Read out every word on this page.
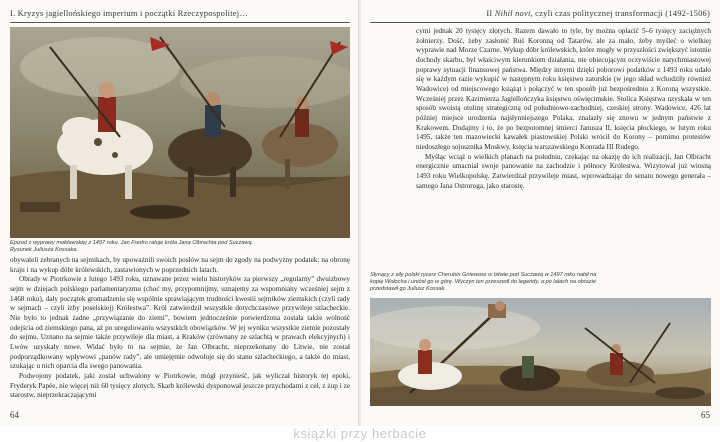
I. Kryzys jagiellońskiego imperium i początki Rzeczypospolitej…
Epizod z wyprawy mołdawskiej z 1497 roku. Jan Fredro ratuje króla Jana Olbrachta pod Suczawą. Rysunek Juliusza Kossaka.

obywateli zebranych na sejmikach, by upoważnili swoich posłów na sejm do zgody na podwyżny podatek: na obronę kraju i na wykup dóbr królewskich, zastawionych w poprzednich latach.

Obrady w Piotrkowie z lutego 1493 roku, uznawane przez wielu historyków za pierwszy „regularny” dwuizbowy sejm w dziejach polskiego parlamentaryzmu (choć my, przypomnijmy, uznajemy za wspomniany wcześniej sejm z 1468 roku), dały początek gromadzeniu się wspólnie sprawiającym trudności kwestii sejmików ziemskich (czyli rady w sejmach – czyli izby poselskiej) Królestwa”. Król zatwierdził wszystkie dotychczasowe przywileje szlacheckie. Nie było to jednak żadne „przywiązanie do ziemi”, bowiem jednocześnie potwierdzona została także wolność odejścia od ziemskiego pana, aż po uregulowaniu wszystkich obowiązków. W jej wyniku wszystkie ziemie pozostały do sejmu. Uznano na sejmie także przywileje dla miast, a Kraków (zrównany ze szlachtą w prawach elekcyjnych) i Lwów uzyskały nowe. Widać było to na sejmie, że Jan Olbracht, nieprzekonany do Litwie, nie został podporządkowany wpływowi „panów rady”, ale umiejętnie odwołuje się do stanu szlacheckiego, a także do miast, szukając u nich oparcia dla swego panowania.

Podwojony podatek, jaki został uchwalony w Piotrkowie, mógł przynieść, jak wyliczał historyk tej epoki, Fryderyk Papée, nie więcej niż 60 tysięcy złotych. Skarb królewski dysponował jeszcze przychodami z ceł, z żup i ze starostw, nieprzekraczającymi

64
II Nihil novi, czyli czas politycznej transformacji (1492-1506)

cymi jednak 20 tysięcy złotych. Razem dawało to tyle, by można opłacić 5–6 tysięcy zaciężnych żołnierzy. Dość, żeby zasłonić Ruś Koronną od Tatarów, ale za mało, żeby myśleć o wielkiej wyprawie nad Morze Czarne. Wykup dóbr królewskich, które mogły w przyszłości zwiększyć istotnie dochody skarbu, był właściwym kierunkiem działania, nie obiecującym oczywiście natychmiastowej poprawy sytuacji finansowej państwa. Między innymi dzięki poborowi podatków z 1493 roku udało się w każdym razie wykupić w następnym roku księstwo zatorskie (w jego skład wchodziły również Wadowice) od miejscowego książąt i połączyć w ten sposób już bezpośrednio z Koroną wszystkie. Wcześniej przez Kazimierza Jagiellończyka księstwo oświęcimskie. Stolica Księstwa uzyskała w ten sposób swoistą otulinę strategiczną od południowo-zachodniej, czeskiej strony. Wadowice, 426 lat później miejsce urodzenia najsłynniejszego Polaka, znalazły się znowu w jednym państwie z Krakowem. Dodajmy i to, że po bezpotomnej śmierci Janusza II, księcia płockiego, w lutym roku 1495, także ten mazowiecki kawałek piastowskiej Polski wrócił do Korony – pomimo protestów niedoszłego sojusznika Moskwy, księcia warszawskiego Konrada III Rudego.

Myśląc wciąż o wielkich planach na południu, czekając na okazję do ich realizacji, Jan Olbracht energicznie umacniał swoje panowanie na zachodzie i północy Królestwa. Wizytował już wiosną 1493 roku Wielkopolskę. Zatwierdzał przywileje miast, wprowadzając do senatu nowego generała – samego Jana Ostroroga, jako starostę.

Słynący z siły polski rycerz Cherubin Gniewosz w bitwie pod Suczawą w 1497 roku nabił na kopię Wołocha i uniósł go w górę. Wyczyn ten przeszedł do legendy, a po latach na obrazie przedstawił go Juliusz Kossak.
65
książki przy herbacie
